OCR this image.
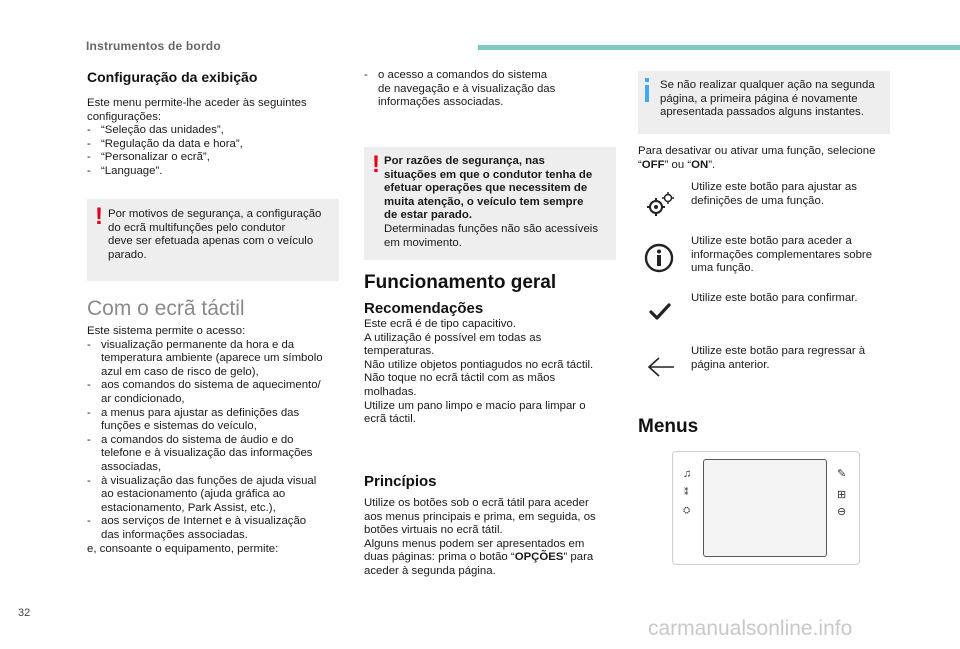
Instrumentos de bordo
Configuração da exibição
Este menu permite-lhe aceder às seguintes
configurações:
- “Seleção das unidades”,
- “Regulação da data e hora”,
- “Personalizar o ecrã”,
- “Language”.
! Por motivos de segurança, a configuração
do ecrã multifunções pelo condutor
deve ser efetuada apenas com o veículo
parado.
Com o ecrã táctil
Este sistema permite o acesso:
- visualização permanente da hora e da
temperatura ambiente (aparece um símbolo
azul em caso de risco de gelo),
- aos comandos do sistema de aquecimento/
ar condicionado,
- a menus para ajustar as definições das
funções e sistemas do veículo,
- a comandos do sistema de áudio e do
telefone e à visualização das informações
associadas,
- à visualização das funções de ajuda visual
ao estacionamento (ajuda gráfica ao
estacionamento, Park Assist, etc.),
- aos serviços de Internet e à visualização
das informações associadas.
e, consoante o equipamento, permite:
- o acesso a comandos do sistema
de navegação e à visualização das
informações associadas.
! Por razões de segurança, nas
situações em que o condutor tenha de
efetuar operações que necessitem de
muita atenção, o veículo tem sempre
de estar parado.
Determinadas funções não são acessíveis
em movimento.
Funcionamento geral
Recomendações
Este ecrã é de tipo capacitivo.
A utilização é possível em todas as
temperaturas.
Não utilize objetos pontiagudos no ecrã táctil.
Não toque no ecrã táctil com as mãos
molhadas.
Utilize um pano limpo e macio para limpar o
ecrã táctil.
Princípios
Utilize os botões sob o ecrã tátil para aceder
aos menus principais e prima, em seguida, os
botões virtuais no ecrã tátil.
Alguns menus podem ser apresentados em
duas páginas: prima o botão “OPÇÕES” para
aceder à segunda página.
Se não realizar qualquer ação na segunda
página, a primeira página é novamente
apresentada passados alguns instantes.
Para desativar ou ativar uma função, selecione
“OFF” ou “ON”.
Utilize este botão para ajustar as
definições de uma função.
Utilize este botão para aceder a
informações complementares sobre
uma função.
Utilize este botão para confirmar.
Utilize este botão para regressar à
página anterior.
Menus
♫
⁑
⛭
✎
⊞
⊖
32
carmanualsonline.info
